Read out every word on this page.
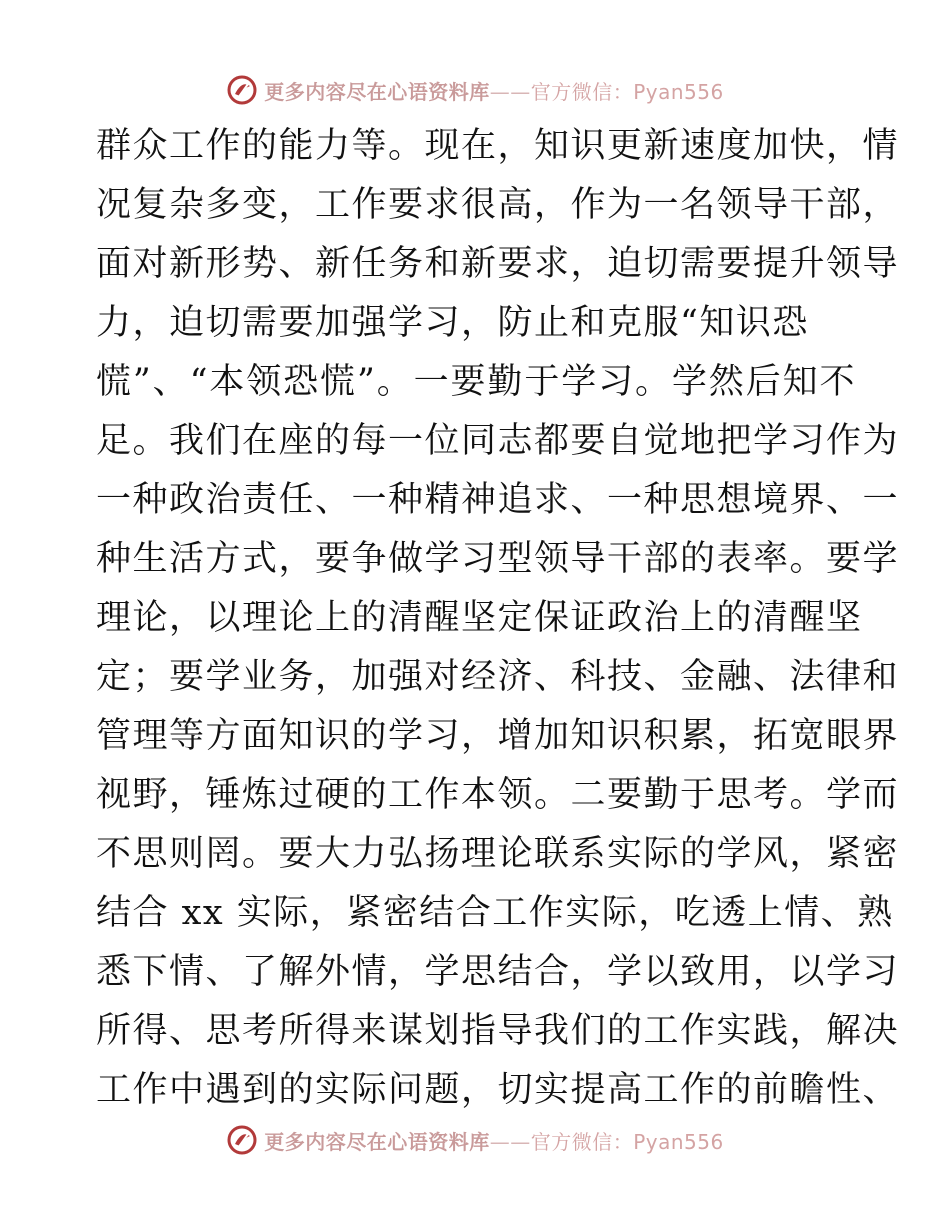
更多内容尽在心语资料库——官方微信：Pyan556
群众工作的能力等。现在，知识更新速度加快，情
况复杂多变，工作要求很高，作为一名领导干部，
面对新形势、新任务和新要求，迫切需要提升领导
力，迫切需要加强学习，防止和克服“知识恐
慌”、“本领恐慌”。一要勤于学习。学然后知不
足。我们在座的每一位同志都要自觉地把学习作为
一种政治责任、一种精神追求、一种思想境界、一
种生活方式，要争做学习型领导干部的表率。要学
理论，以理论上的清醒坚定保证政治上的清醒坚
定；要学业务，加强对经济、科技、金融、法律和
管理等方面知识的学习，增加知识积累，拓宽眼界
视野，锤炼过硬的工作本领。二要勤于思考。学而
不思则罔。要大力弘扬理论联系实际的学风，紧密
结合 xx 实际，紧密结合工作实际，吃透上情、熟
悉下情、了解外情，学思结合，学以致用，以学习
所得、思考所得来谋划指导我们的工作实践，解决
工作中遇到的实际问题，切实提高工作的前瞻性、
更多内容尽在心语资料库——官方微信：Pyan556
